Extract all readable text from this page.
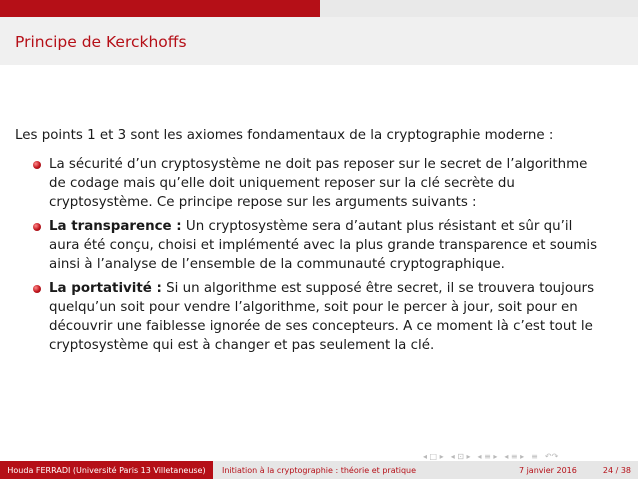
Principe de Kerckhoffs
Les points 1 et 3 sont les axiomes fondamentaux de la cryptographie moderne :
La sécurité d’un cryptosystème ne doit pas reposer sur le secret de l’algorithme de codage mais qu’elle doit uniquement reposer sur la clé secrète du cryptosystème. Ce principe repose sur les arguments suivants :
La transparence : Un cryptosystème sera d’autant plus résistant et sûr qu’il aura été conçu, choisi et implémenté avec la plus grande transparence et soumis ainsi à l’analyse de l’ensemble de la communauté cryptographique.
La portativité : Si un algorithme est supposé être secret, il se trouvera toujours quelqu’un soit pour vendre l’algorithme, soit pour le percer à jour, soit pour en découvrir une faiblesse ignorée de ses concepteurs. A ce moment là c’est tout le cryptosystème qui est à changer et pas seulement la clé.
◂ □ ▸ ◂ ⊡ ▸ ◂ ≡ ▸ ◂ ≡ ▸ ≡ ↶↷
Houda FERRADI (Université Paris 13 Villetaneuse)	Initiation à la cryptographie : théorie et pratique	7 janvier 2016	24 / 38
